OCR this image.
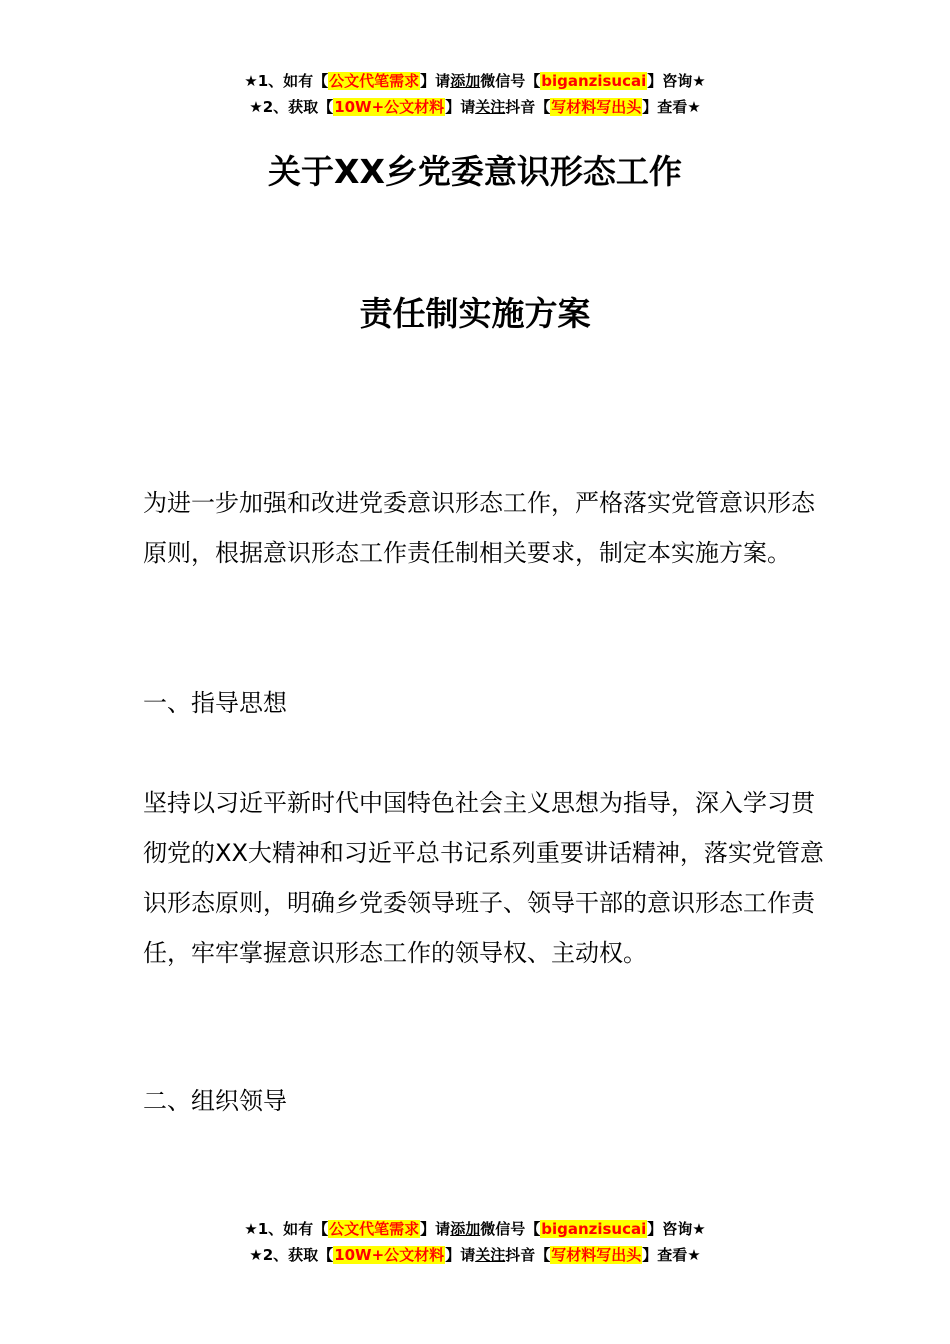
★1、如有【公文代笔需求】请添加微信号【biganzisucai】咨询★
★2、获取【10W+公文材料】请关注抖音【写材料写出头】查看★
关于XX乡党委意识形态工作
责任制实施方案

为进一步加强和改进党委意识形态工作，严格落实党管意识形态原则，根据意识形态工作责任制相关要求，制定本实施方案。

一、指导思想

坚持以习近平新时代中国特色社会主义思想为指导，深入学习贯彻党的XX大精神和习近平总书记系列重要讲话精神，落实党管意识形态原则，明确乡党委领导班子、领导干部的意识形态工作责任，牢牢掌握意识形态工作的领导权、主动权。

二、组织领导

★1、如有【公文代笔需求】请添加微信号【biganzisucai】咨询★
★2、获取【10W+公文材料】请关注抖音【写材料写出头】查看★
